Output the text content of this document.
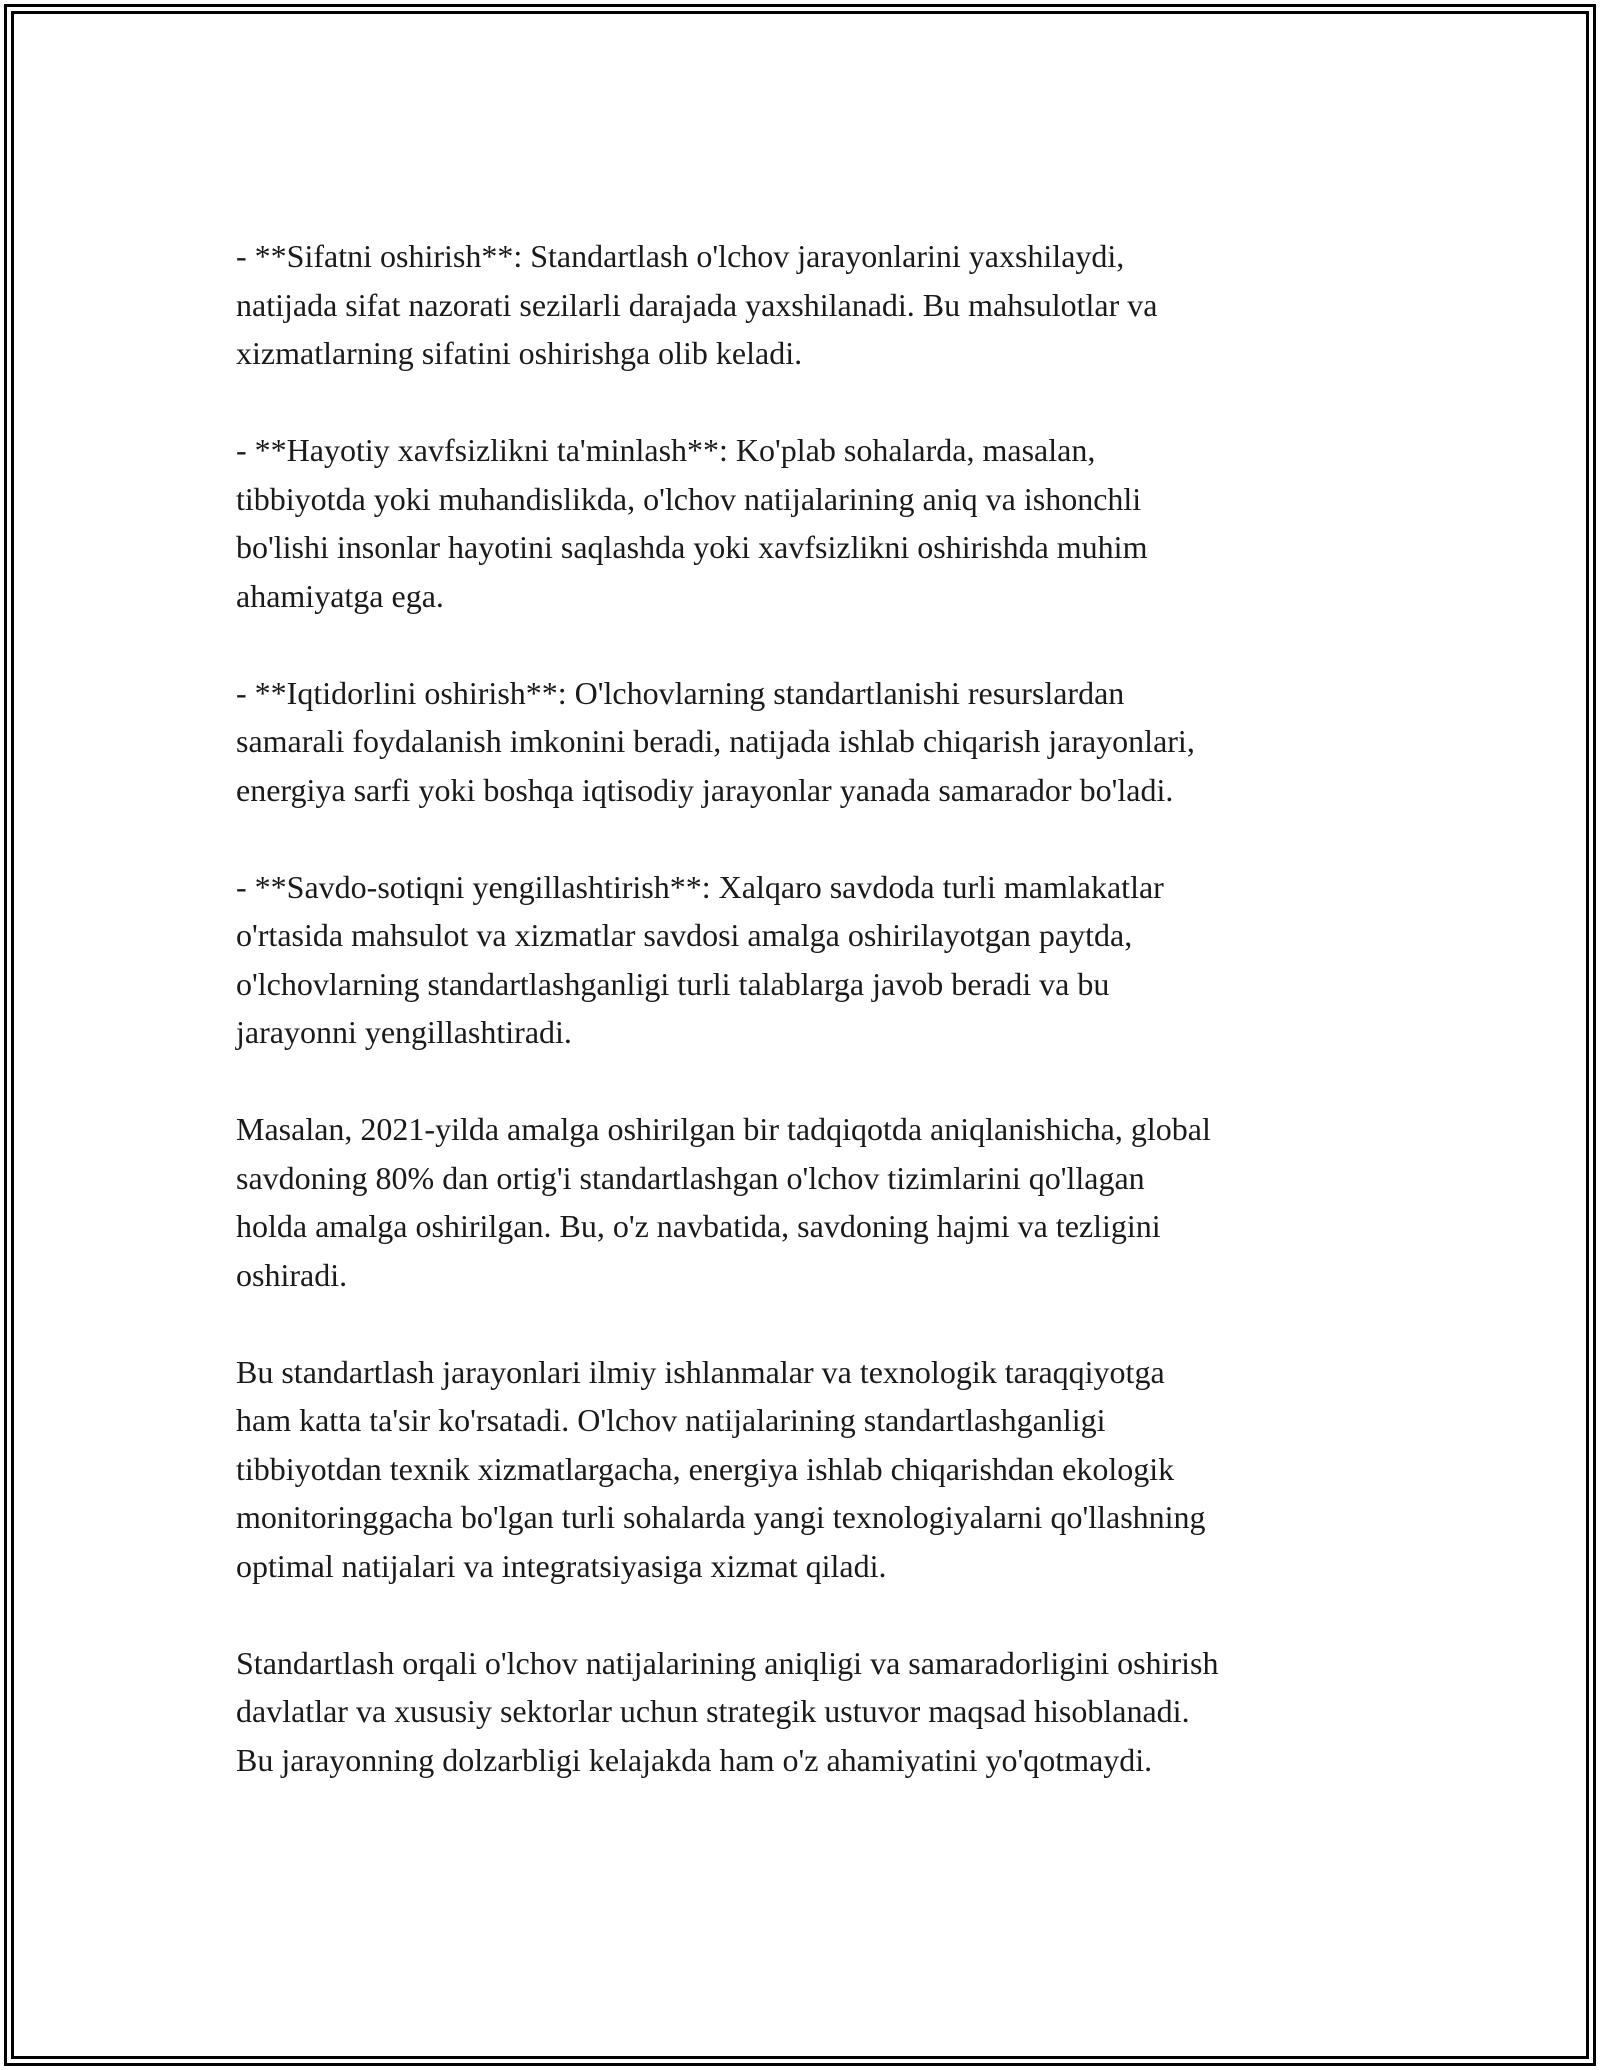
- **Sifatni oshirish**: Standartlash o'lchov jarayonlarini yaxshilaydi,
natijada sifat nazorati sezilarli darajada yaxshilanadi. Bu mahsulotlar va
xizmatlarning sifatini oshirishga olib keladi.

- **Hayotiy xavfsizlikni ta'minlash**: Ko'plab sohalarda, masalan,
tibbiyotda yoki muhandislikda, o'lchov natijalarining aniq va ishonchli
bo'lishi insonlar hayotini saqlashda yoki xavfsizlikni oshirishda muhim
ahamiyatga ega.

- **Iqtidorlini oshirish**: O'lchovlarning standartlanishi resurslardan
samarali foydalanish imkonini beradi, natijada ishlab chiqarish jarayonlari,
energiya sarfi yoki boshqa iqtisodiy jarayonlar yanada samarador bo'ladi.

- **Savdo-sotiqni yengillashtirish**: Xalqaro savdoda turli mamlakatlar
o'rtasida mahsulot va xizmatlar savdosi amalga oshirilayotgan paytda,
o'lchovlarning standartlashganligi turli talablarga javob beradi va bu
jarayonni yengillashtiradi.

Masalan, 2021-yilda amalga oshirilgan bir tadqiqotda aniqlanishicha, global
savdoning 80% dan ortig'i standartlashgan o'lchov tizimlarini qo'llagan
holda amalga oshirilgan. Bu, o'z navbatida, savdoning hajmi va tezligini
oshiradi.

Bu standartlash jarayonlari ilmiy ishlanmalar va texnologik taraqqiyotga
ham katta ta'sir ko'rsatadi. O'lchov natijalarining standartlashganligi
tibbiyotdan texnik xizmatlargacha, energiya ishlab chiqarishdan ekologik
monitoringgacha bo'lgan turli sohalarda yangi texnologiyalarni qo'llashning
optimal natijalari va integratsiyasiga xizmat qiladi.

Standartlash orqali o'lchov natijalarining aniqligi va samaradorligini oshirish
davlatlar va xususiy sektorlar uchun strategik ustuvor maqsad hisoblanadi.
Bu jarayonning dolzarbligi kelajakda ham o'z ahamiyatini yo'qotmaydi.
